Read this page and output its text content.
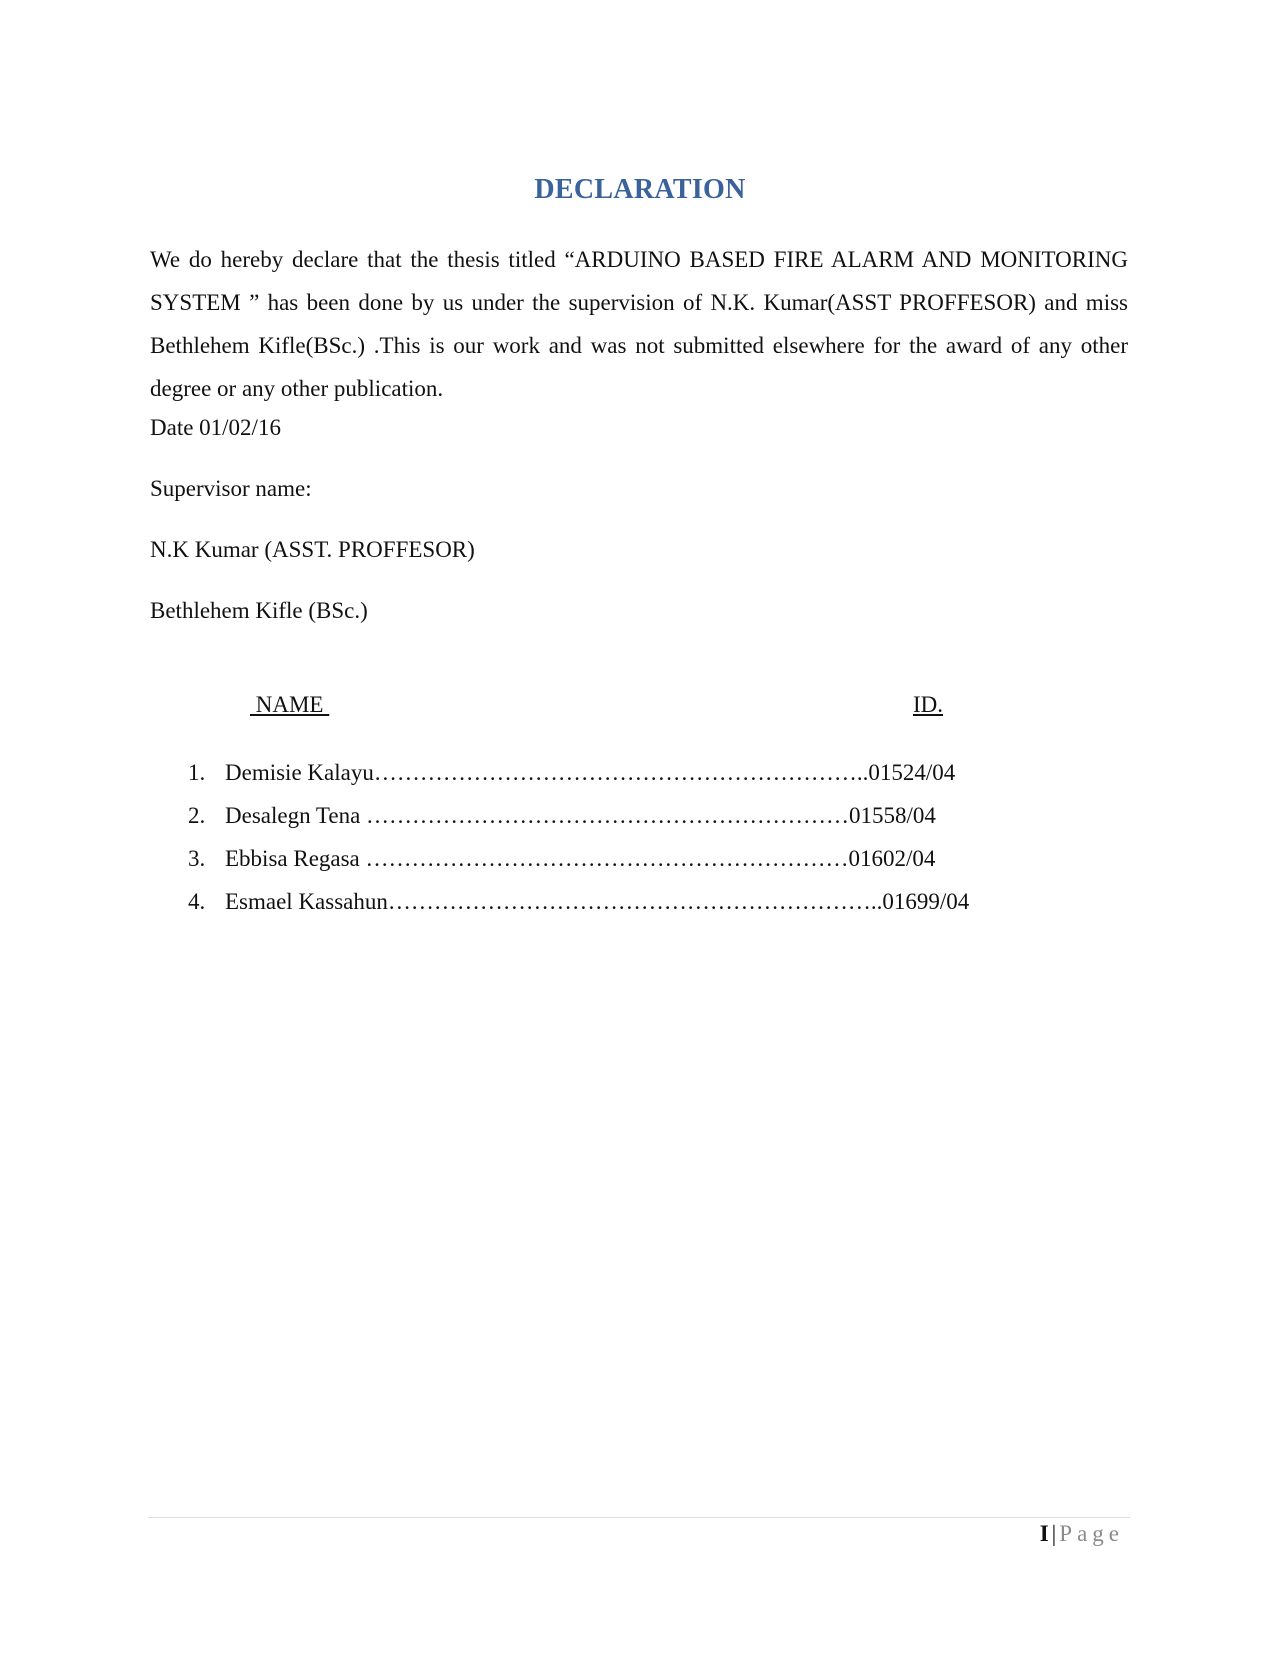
DECLARATION

We do hereby declare that the thesis titled “ARDUINO BASED FIRE ALARM AND MONITORING SYSTEM ” has been done by us under the supervision of N.K. Kumar(ASST PROFFESOR) and miss Bethlehem Kifle(BSc.) .This is our work and was not submitted elsewhere for the award of any other degree or any other publication.

Date 01/02/16

Supervisor name:

N.K Kumar (ASST. PROFFESOR)

Bethlehem Kifle (BSc.)

NAME	ID.
1. Demisie Kalayu………………………………………………………..01524/04
2. Desalegn Tena ………………………………………………………01558/04
3. Ebbisa Regasa ………………………………………………………01602/04
4. Esmael Kassahun………………………………………………………..01699/04
I | Page
